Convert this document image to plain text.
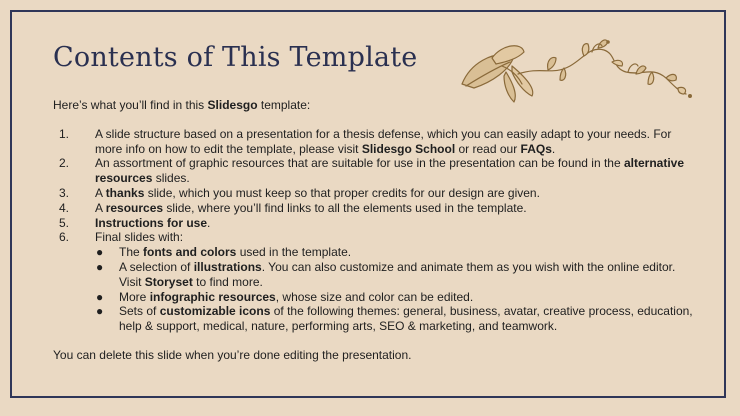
Contents of This Template

Here’s what you’ll find in this Slidesgo template:

1. A slide structure based on a presentation for a thesis defense, which you can easily adapt to your needs. For more info on how to edit the template, please visit Slidesgo School or read our FAQs.
2. An assortment of graphic resources that are suitable for use in the presentation can be found in the alternative resources slides.
3. A thanks slide, which you must keep so that proper credits for our design are given.
4. A resources slide, where you’ll find links to all the elements used in the template.
5. Instructions for use.
6. Final slides with:
● The fonts and colors used in the template.
● A selection of illustrations. You can also customize and animate them as you wish with the online editor. Visit Storyset to find more.
● More infographic resources, whose size and color can be edited.
● Sets of customizable icons of the following themes: general, business, avatar, creative process, education, help & support, medical, nature, performing arts, SEO & marketing, and teamwork.

You can delete this slide when you’re done editing the presentation.
